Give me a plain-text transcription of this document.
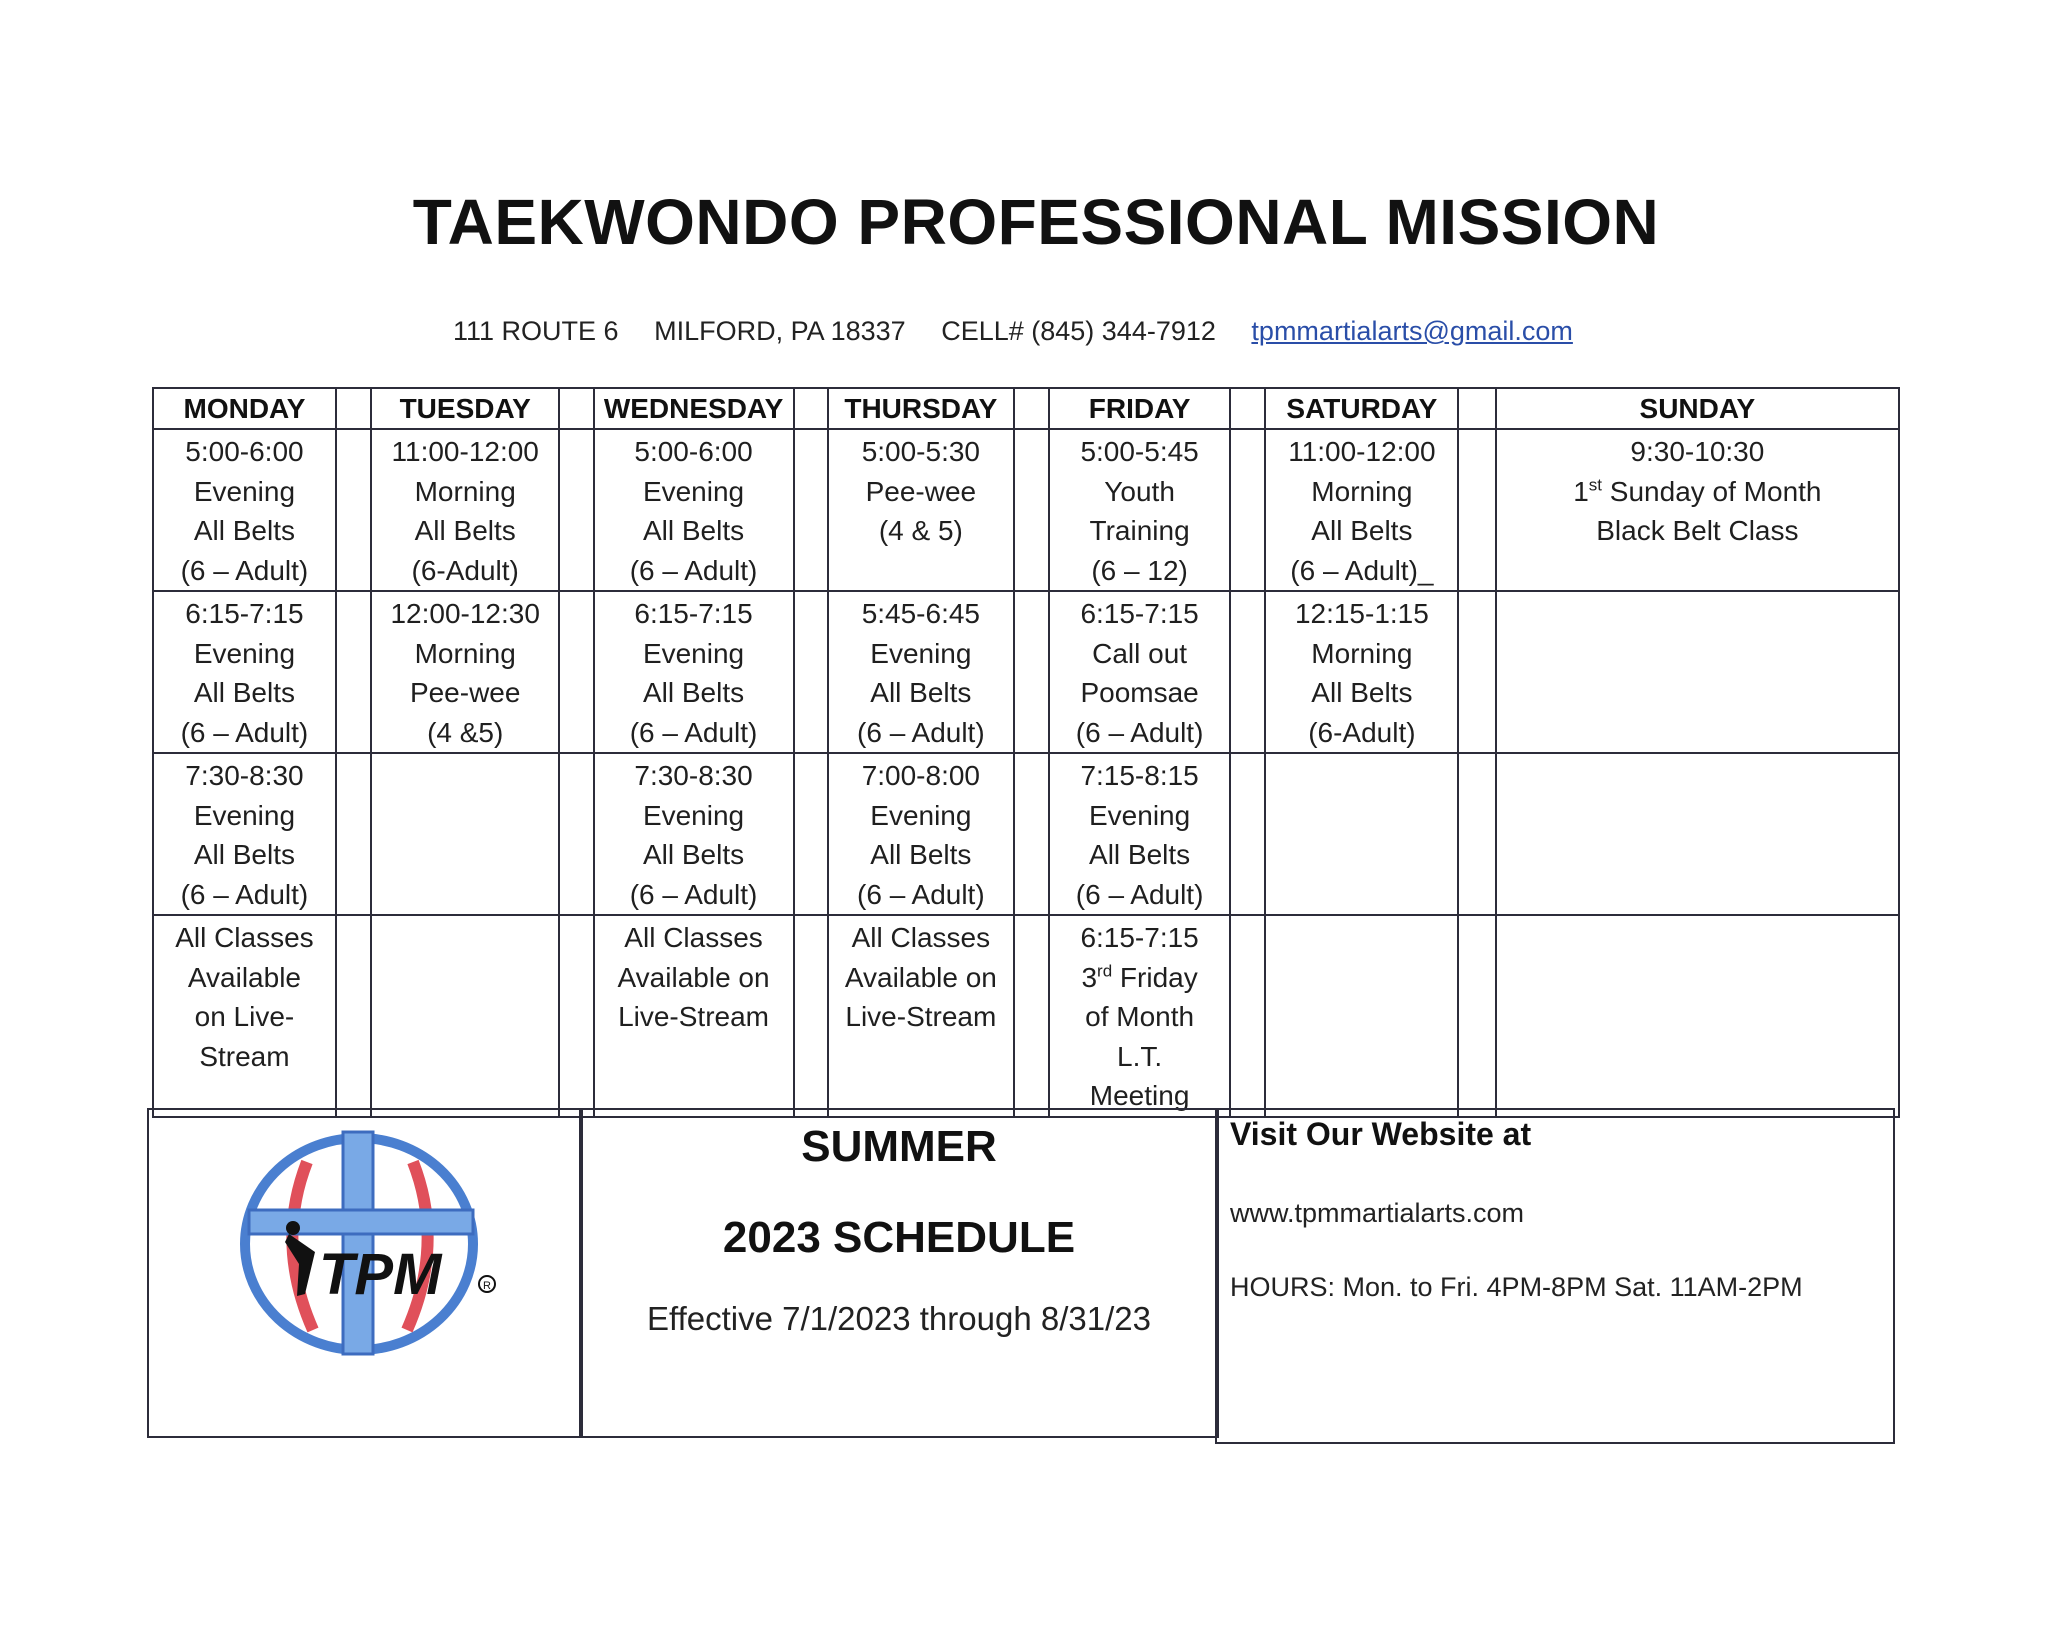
TAEKWONDO PROFESSIONAL MISSION
111 ROUTE 6 MILFORD, PA 18337 CELL# (845) 344-7912 tpmmartialarts@gmail.com
MONDAY		TUESDAY		WEDNESDAY		THURSDAY		FRIDAY		SATURDAY		SUNDAY

5:00-6:00
Evening
All Belts
(6 – Adult)		11:00-12:00
Morning
All Belts
(6-Adult)		5:00-6:00
Evening
All Belts
(6 – Adult)		5:00-5:30
Pee-wee
(4 & 5)		5:00-5:45
Youth
Training
(6 – 12)		11:00-12:00
Morning
All Belts
(6 – Adult)_		9:30-10:30
1st Sunday of Month
Black Belt Class

6:15-7:15
Evening
All Belts
(6 – Adult)		12:00-12:30
Morning
Pee-wee
(4 &5)		6:15-7:15
Evening
All Belts
(6 – Adult)		5:45-6:45
Evening
All Belts
(6 – Adult)		6:15-7:15
Call out
Poomsae
(6 – Adult)		12:15-1:15
Morning
All Belts
(6-Adult)		

7:30-8:30
Evening
All Belts
(6 – Adult)				7:30-8:30
Evening
All Belts
(6 – Adult)		7:00-8:00
Evening
All Belts
(6 – Adult)		7:15-8:15
Evening
All Belts
(6 – Adult)				

All Classes
Available
on Live-
Stream				All Classes
Available on
Live-Stream		All Classes
Available on
Live-Stream		6:15-7:15
3rd Friday
of Month
L.T.
Meeting				

TPM	R
SUMMER
2023 SCHEDULE
Effective 7/1/2023 through 8/31/23
Visit Our Website at
www.tpmmartialarts.com
HOURS: Mon. to Fri. 4PM-8PM Sat. 11AM-2PM
